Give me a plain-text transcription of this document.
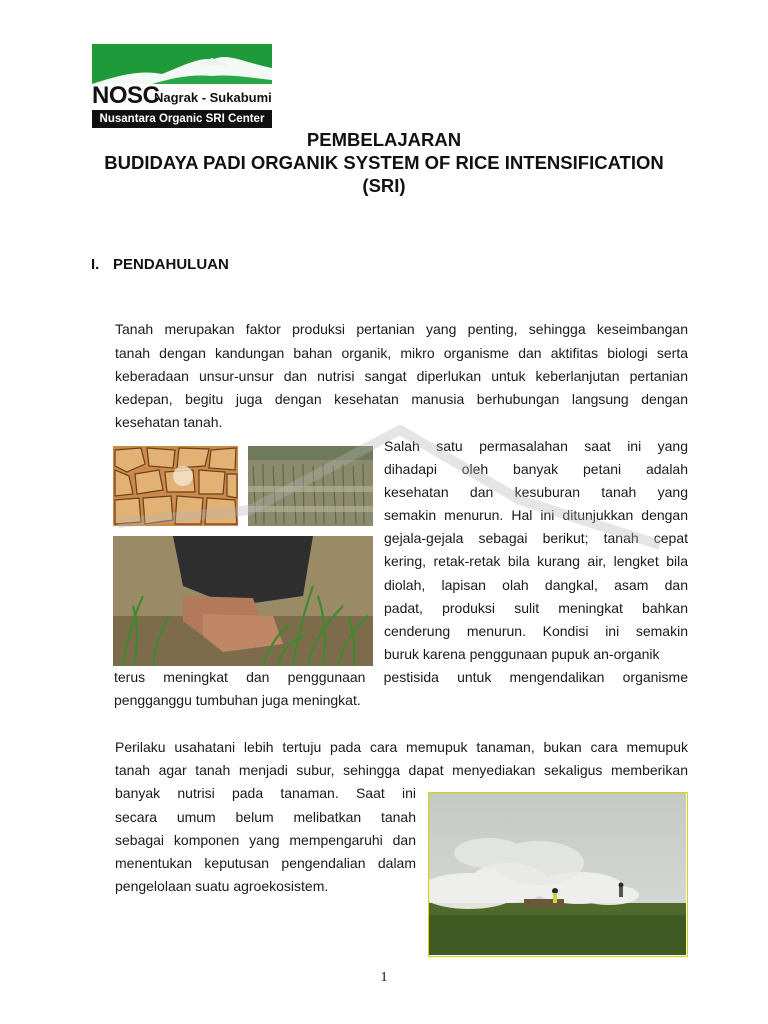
NOSC
Nagrak - Sukabumi
Nusantara Organic SRI Center
PEMBELAJARAN
BUDIDAYA PADI ORGANIK SYSTEM OF RICE INTENSIFICATION
(SRI)
I. PENDAHULUAN
Tanah merupakan faktor produksi pertanian yang penting, sehingga keseimbangan
tanah dengan kandungan bahan organik, mikro organisme dan aktifitas biologi serta
keberadaan unsur-unsur dan nutrisi sangat diperlukan untuk keberlanjutan pertanian
kedepan, begitu juga dengan kesehatan manusia berhubungan langsung dengan
kesehatan tanah.
Salah satu permasalahan saat ini yang
dihadapi oleh banyak petani adalah
kesehatan dan kesuburan tanah yang
semakin menurun. Hal ini ditunjukkan dengan
gejala-gejala sebagai berikut; tanah cepat
kering, retak-retak bila kurang air, lengket bila
diolah, lapisan olah dangkal, asam dan
padat, produksi sulit meningkat bahkan
cenderung menurun. Kondisi ini semakin
buruk karena penggunaan pupuk an-organik
terus meningkat dan penggunaan pestisida untuk mengendalikan organisme
pengganggu tumbuhan juga meningkat.
Perilaku usahatani lebih tertuju pada cara memupuk tanaman, bukan cara memupuk
tanah agar tanah menjadi subur, sehingga dapat menyediakan sekaligus memberikan
banyak nutrisi pada tanaman. Saat ini
secara umum belum melibatkan tanah
sebagai komponen yang mempengaruhi dan
menentukan keputusan pengendalian dalam
pengelolaan suatu agroekosistem.
1
